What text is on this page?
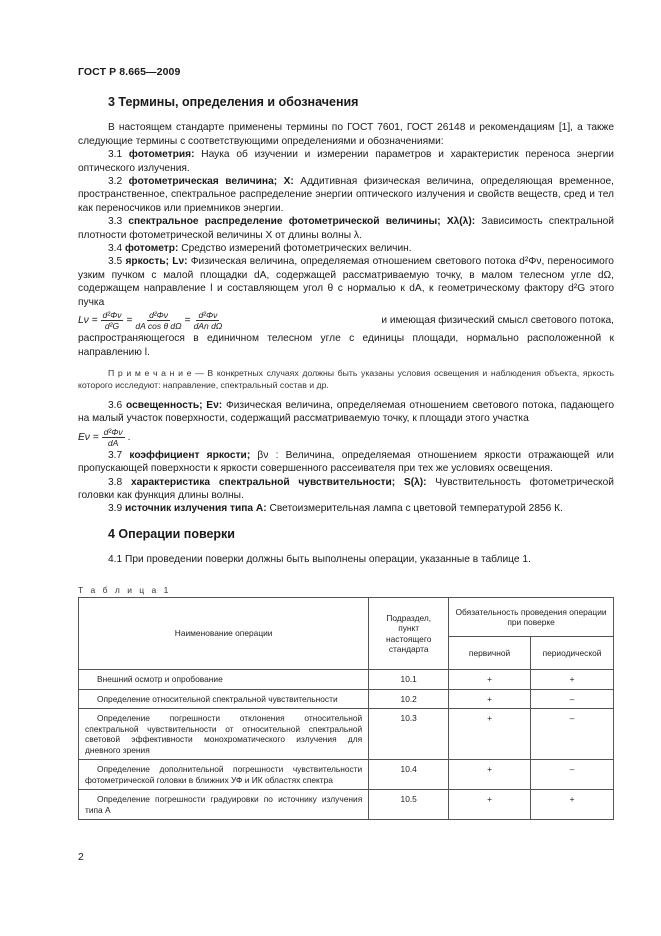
ГОСТ Р 8.665—2009
3 Термины, определения и обозначения

В настоящем стандарте применены термины по ГОСТ 7601, ГОСТ 26148 и рекомендациям [1], а также следующие термины с соответствующими определениями и обозначениями:

3.1 фотометрия: Наука об изучении и измерении параметров и характеристик переноса энергии оптического излучения.

3.2 фотометрическая величина; X: Аддитивная физическая величина, определяющая временное, пространственное, спектральное распределение энергии оптического излучения и свойств веществ, сред и тел как переносчиков или приемников энергии.

3.3 спектральное распределение фотометрической величины; Xλ(λ): Зависимость спектральной плотности фотометрической величины X от длины волны λ.

3.4 фотометр: Средство измерений фотометрических величин.

3.5 яркость; Lν: Физическая величина, определяемая отношением светового потока d²Φν, переносимого узким пучком с малой площадки dA, содержащей рассматриваемую точку, в малом телесном угле dΩ, содержащем направление l и составляющем угол θ с нормалью к dA, к геометрическому фактору d²G этого пучка

$L\nu = \frac{\text{d²Φν}}{\text{d²G}} = \frac{\text{d²Φν}}{\text{dA cos θ dΩ}} = \frac{\text{d²Φν}}{\text{dAn dΩ}}$	и имеющая физический смысл светового потока,

распространяющегося в единичном телесном угле с единицы площади, нормально расположенной к направлению l.

П р и м е ч а н и е — В конкретных случаях должны быть указаны условия освещения и наблюдения объекта, яркость которого исследуют: направление, спектральный состав и др.

3.6 освещенность; Eν: Физическая величина, определяемая отношением светового потока, падающего на малый участок поверхности, содержащий рассматриваемую точку, к площади этого участка

$E\nu = \frac{\text{d²Φν}}{dA}$ .

3.7 коэффициент яркости; βν : Величина, определяемая отношением яркости отражающей или пропускающей поверхности к яркости совершенного рассеивателя при тех же условиях освещения.

3.8 характеристика спектральной чувствительности; S(λ): Чувствительность фотометрической головки как функция длины волны.

3.9 источник излучения типа А: Светоизмерительная лампа с цветовой температурой 2856 К.

4 Операции поверки

4.1 При проведении поверки должны быть выполнены операции, указанные в таблице 1.

Т а б л и ц а 1
Наименование операции	Подраздел, пункт настоящего стандарта	Обязательность проведения операции при поверке	
		первичной	периодической
Внешний осмотр и опробование	10.1	+	+
Определение относительной спектральной чувствительности	10.2	+	–
Определение погрешности отклонения относительной спектральной чувствительности от относительной спектральной световой эффективности монохроматического излучения для дневного зрения	10.3	+	–
Определение дополнительной погрешности чувствительности фотометрической головки в ближних УФ и ИК областях спектра	10.4	+	–
Определение погрешности градуировки по источнику излучения типа А	10.5	+	+
2
